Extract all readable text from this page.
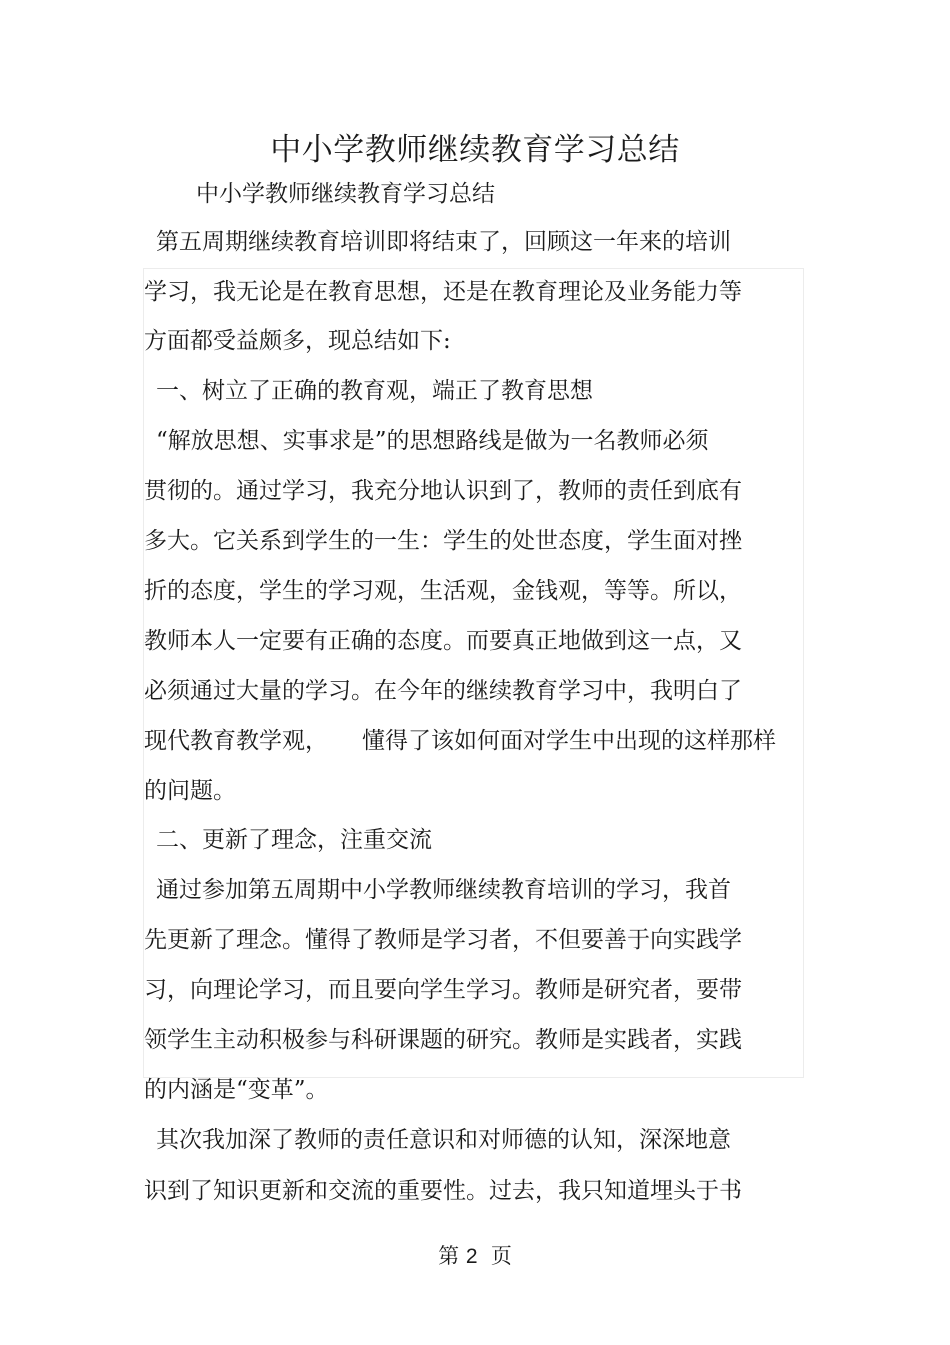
中小学教师继续教育学习总结
中小学教师继续教育学习总结
第五周期继续教育培训即将结束了，回顾这一年来的培训
学习，我无论是在教育思想，还是在教育理论及业务能力等
方面都受益颇多，现总结如下:
一、树立了正确的教育观，端正了教育思想
“解放思想、实事求是”的思想路线是做为一名教师必须
贯彻的。通过学习，我充分地认识到了，教师的责任到底有
多大。它关系到学生的一生：学生的处世态度，学生面对挫
折的态度，学生的学习观，生活观，金钱观，等等。所以，
教师本人一定要有正确的态度。而要真正地做到这一点，又
必须通过大量的学习。在今年的继续教育学习中，我明白了
现代教育教学观， 懂得了该如何面对学生中出现的这样那样
的问题。
二、更新了理念，注重交流
通过参加第五周期中小学教师继续教育培训的学习，我首
先更新了理念。懂得了教师是学习者，不但要善于向实践学
习，向理论学习，而且要向学生学习。教师是研究者，要带
领学生主动积极参与科研课题的研究。教师是实践者，实践
的内涵是“变革”。
其次我加深了教师的责任意识和对师德的认知，深深地意
识到了知识更新和交流的重要性。过去，我只知道埋头于书
第 2 页
